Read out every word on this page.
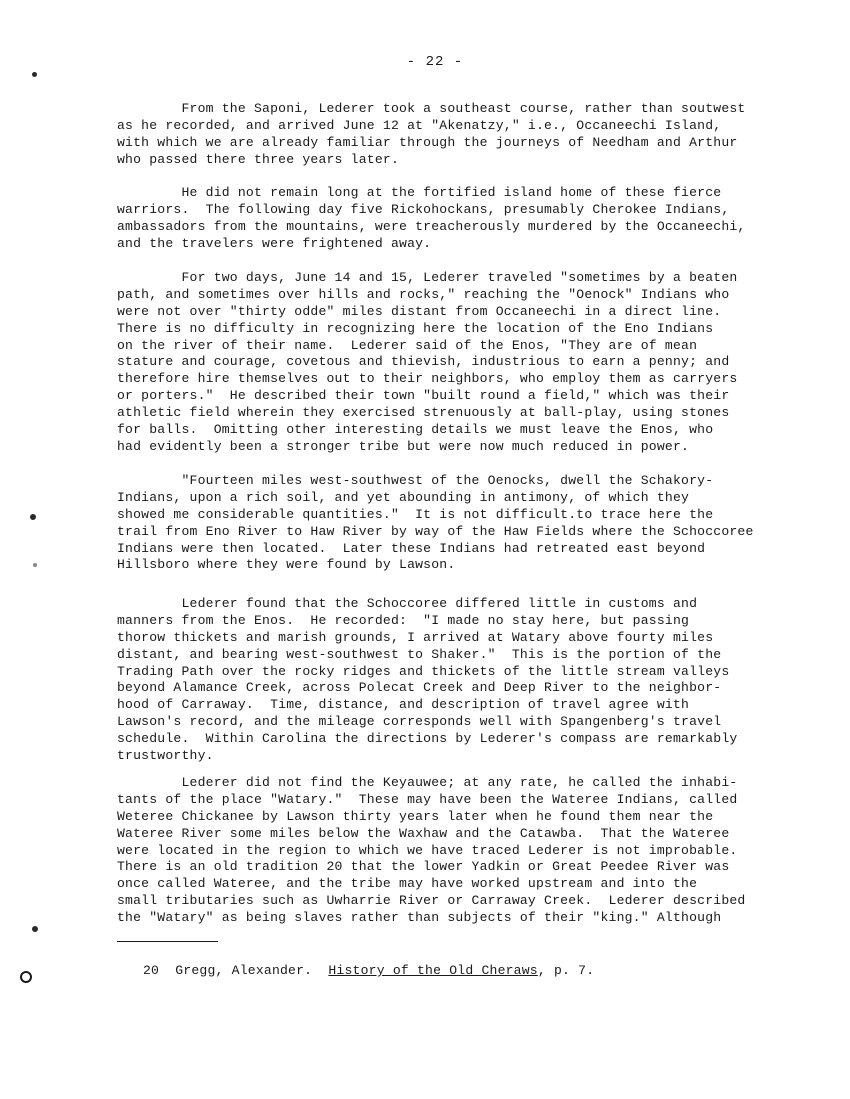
- 22 -
From the Saponi, Lederer took a southeast course, rather than soutwest
as he recorded, and arrived June 12 at "Akenatzy," i.e., Occaneechi Island,
with which we are already familiar through the journeys of Needham and Arthur
who passed there three years later.
He did not remain long at the fortified island home of these fierce
warriors.  The following day five Rickohockans, presumably Cherokee Indians,
ambassadors from the mountains, were treacherously murdered by the Occaneechi,
and the travelers were frightened away.
For two days, June 14 and 15, Lederer traveled "sometimes by a beaten
path, and sometimes over hills and rocks," reaching the "Oenock" Indians who
were not over "thirty odde" miles distant from Occaneechi in a direct line.
There is no difficulty in recognizing here the location of the Eno Indians
on the river of their name.  Lederer said of the Enos, "They are of mean
stature and courage, covetous and thievish, industrious to earn a penny; and
therefore hire themselves out to their neighbors, who employ them as carryers
or porters."  He described their town "built round a field," which was their
athletic field wherein they exercised strenuously at ball-play, using stones
for balls.  Omitting other interesting details we must leave the Enos, who
had evidently been a stronger tribe but were now much reduced in power.
"Fourteen miles west-southwest of the Oenocks, dwell the Schakory-
Indians, upon a rich soil, and yet abounding in antimony, of which they
showed me considerable quantities."  It is not difficult.to trace here the
trail from Eno River to Haw River by way of the Haw Fields where the Schoccoree
Indians were then located.  Later these Indians had retreated east beyond
Hillsboro where they were found by Lawson.
Lederer found that the Schoccoree differed little in customs and
manners from the Enos.  He recorded:  "I made no stay here, but passing
thorow thickets and marish grounds, I arrived at Watary above fourty miles
distant, and bearing west-southwest to Shaker."  This is the portion of the
Trading Path over the rocky ridges and thickets of the little stream valleys
beyond Alamance Creek, across Polecat Creek and Deep River to the neighbor-
hood of Carraway.  Time, distance, and description of travel agree with
Lawson's record, and the mileage corresponds well with Spangenberg's travel
schedule.  Within Carolina the directions by Lederer's compass are remarkably
trustworthy.
Lederer did not find the Keyauwee; at any rate, he called the inhabi-
tants of the place "Watary."  These may have been the Wateree Indians, called
Weteree Chickanee by Lawson thirty years later when he found them near the
Wateree River some miles below the Waxhaw and the Catawba.  That the Wateree
were located in the region to which we have traced Lederer is not improbable.
There is an old tradition 20 that the lower Yadkin or Great Peedee River was
once called Wateree, and the tribe may have worked upstream and into the
small tributaries such as Uwharrie River or Carraway Creek.  Lederer described
the "Watary" as being slaves rather than subjects of their "king." Although
20 Gregg, Alexander. History of the Old Cheraws, p. 7.
